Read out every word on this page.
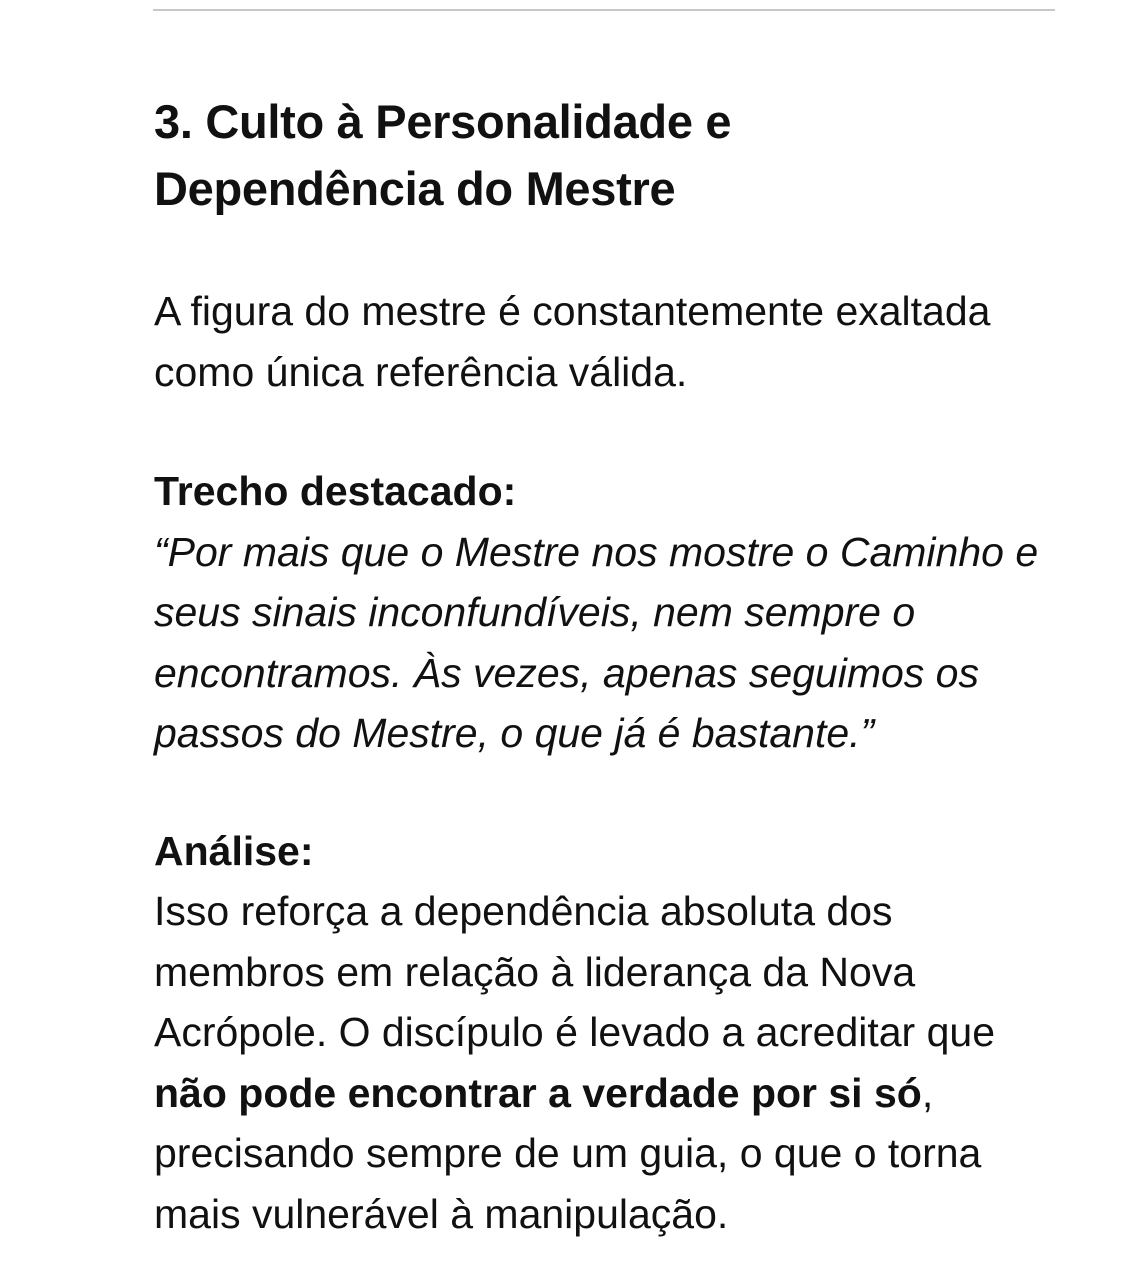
3. Culto à Personalidade e
Dependência do Mestre

A figura do mestre é constantemente exaltada como única referência válida.

Trecho destacado:
“Por mais que o Mestre nos mostre o Caminho e seus sinais inconfundíveis, nem sempre o encontramos. Às vezes, apenas seguimos os passos do Mestre, o que já é bastante.”
Análise:
Isso reforça a dependência absoluta dos membros em relação à liderança da Nova Acrópole. O discípulo é levado a acreditar que não pode encontrar a verdade por si só, precisando sempre de um guia, o que o torna mais vulnerável à manipulação.
